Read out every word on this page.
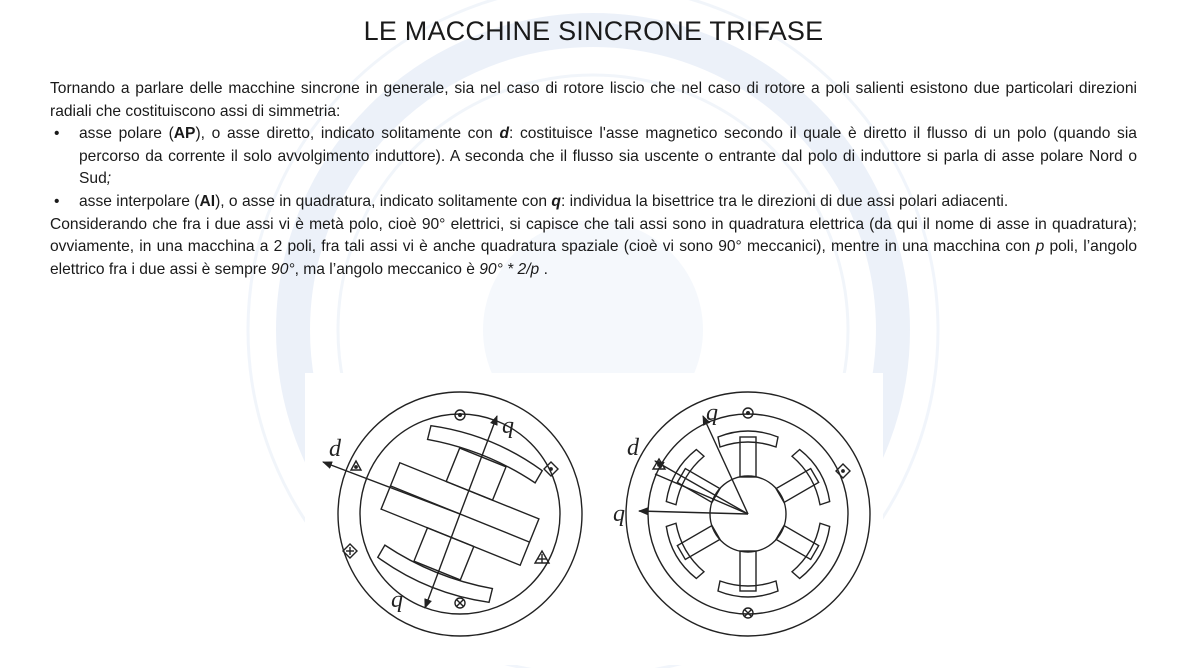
LE MACCHINE SINCRONE TRIFASE

Tornando a parlare delle macchine sincrone in generale, sia nel caso di rotore liscio che nel caso di rotore a poli salienti esistono due particolari direzioni radiali che costituiscono assi di simmetria:

• asse polare (AP), o asse diretto, indicato solitamente con d: costituisce l'asse magnetico secondo il quale è diretto il flusso di un polo (quando sia percorso da corrente il solo avvolgimento induttore). A seconda che il flusso sia uscente o entrante dal polo di induttore si parla di asse polare Nord o Sud;
• asse interpolare (AI), o asse in quadratura, indicato solitamente con q: individua la bisettrice tra le direzioni di due assi polari adiacenti.

Considerando che fra i due assi vi è metà polo, cioè 90° elettrici, si capisce che tali assi sono in quadratura elettrica (da qui il nome di asse in quadratura); ovviamente, in una macchina a 2 poli, fra tali assi vi è anche quadratura spaziale (cioè vi sono 90° meccanici), mentre in una macchina con p poli, l’angolo elettrico fra i due assi è sempre 90°, ma l’angolo meccanico è 90° * 2/p .

d
q
q
d
q
q
